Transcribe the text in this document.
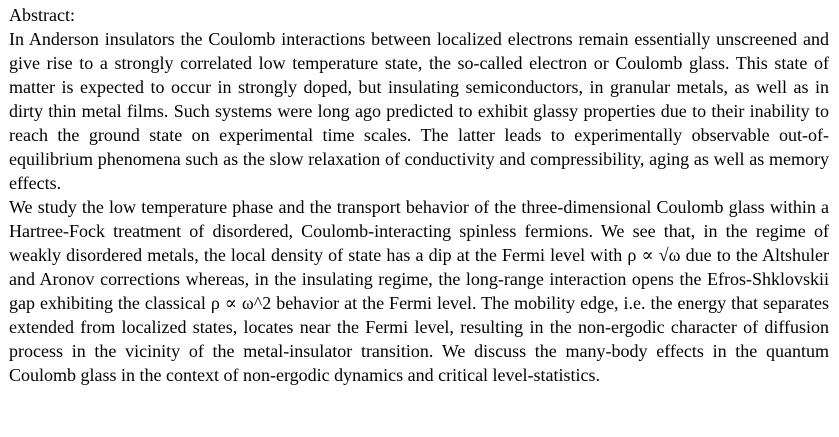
Abstract:

In Anderson insulators the Coulomb interactions between localized electrons remain essentially unscreened and give rise to a strongly correlated low temperature state, the so-called electron or Coulomb glass. This state of matter is expected to occur in strongly doped, but insulating semiconductors, in granular metals, as well as in dirty thin metal films. Such systems were long ago predicted to exhibit glassy properties due to their inability to reach the ground state on experimental time scales. The latter leads to experimentally observable out-of-equilibrium phenomena such as the slow relaxation of conductivity and compressibility, aging as well as memory effects.

We study the low temperature phase and the transport behavior of the three-dimensional Coulomb glass within a Hartree-Fock treatment of disordered, Coulomb-interacting spinless fermions. We see that, in the regime of weakly disordered metals, the local density of state has a dip at the Fermi level with ρ ∝ √ω due to the Altshuler and Aronov corrections whereas, in the insulating regime, the long-range interaction opens the Efros-Shklovskii gap exhibiting the classical ρ ∝ ω^2 behavior at the Fermi level. The mobility edge, i.e. the energy that separates extended from localized states, locates near the Fermi level, resulting in the non-ergodic character of diffusion process in the vicinity of the metal-insulator transition. We discuss the many-body effects in the quantum Coulomb glass in the context of non-ergodic dynamics and critical level-statistics.
